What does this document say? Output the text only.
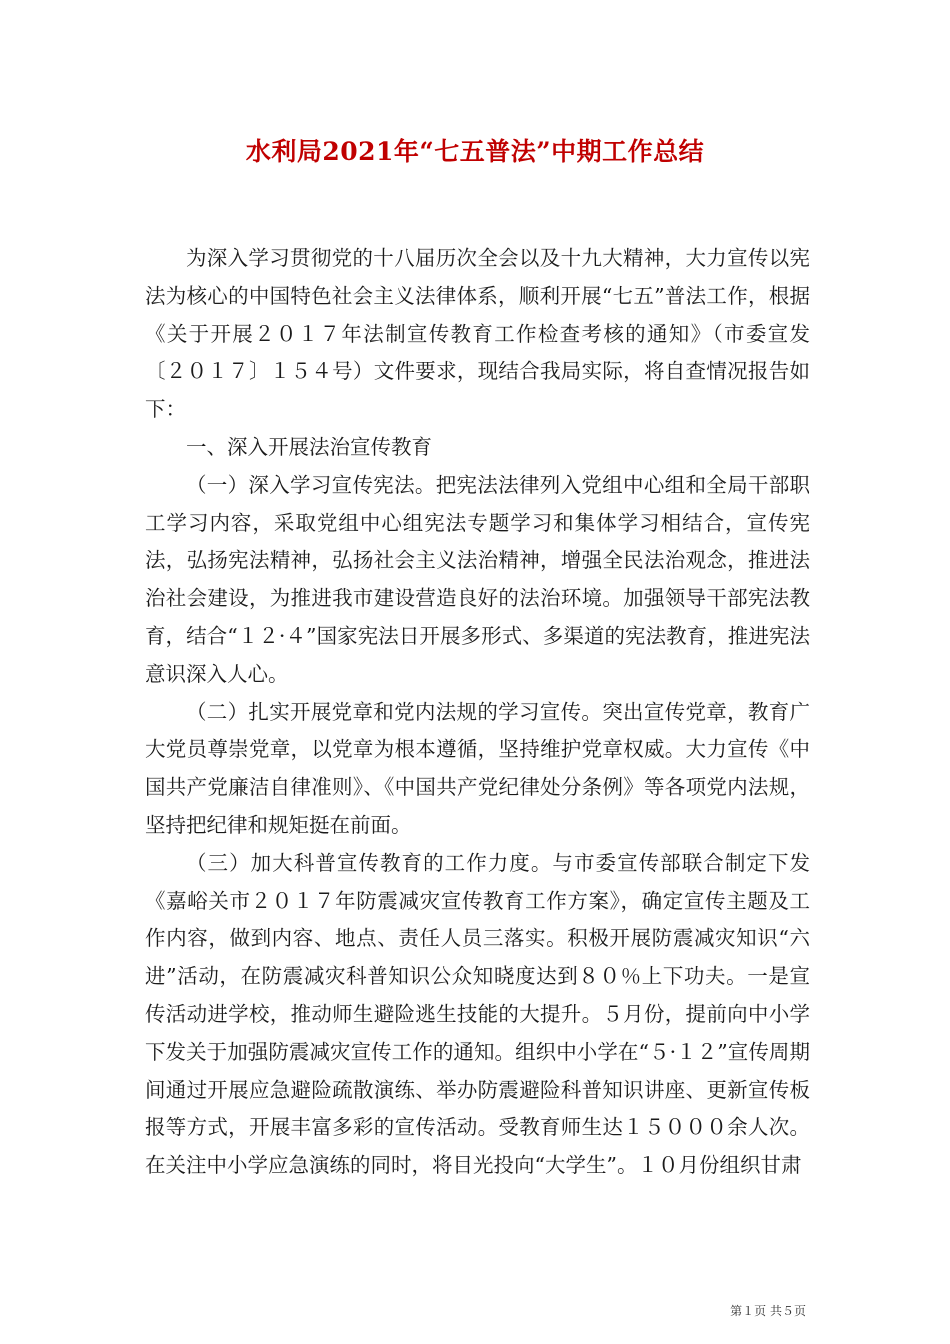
水利局2021年“七五普法”中期工作总结

为深入学习贯彻党的十八届历次全会以及十九大精神，大力宣传以宪法为核心的中国特色社会主义法律体系，顺利开展“七五”普法工作，根据《关于开展２０１７年法制宣传教育工作检查考核的通知》（市委宣发〔２０１７〕１５４号）文件要求，现结合我局实际，将自查情况报告如下：

一、深入开展法治宣传教育

（一）深入学习宣传宪法。把宪法法律列入党组中心组和全局干部职工学习内容，采取党组中心组宪法专题学习和集体学习相结合，宣传宪法，弘扬宪法精神，弘扬社会主义法治精神，增强全民法治观念，推进法治社会建设，为推进我市建设营造良好的法治环境。加强领导干部宪法教育，结合“１２·４”国家宪法日开展多形式、多渠道的宪法教育，推进宪法意识深入人心。

（二）扎实开展党章和党内法规的学习宣传。突出宣传党章，教育广大党员尊崇党章，以党章为根本遵循，坚持维护党章权威。大力宣传《中国共产党廉洁自律准则》、《中国共产党纪律处分条例》等各项党内法规，坚持把纪律和规矩挺在前面。

（三）加大科普宣传教育的工作力度。与市委宣传部联合制定下发《嘉峪关市２０１７年防震减灾宣传教育工作方案》，确定宣传主题及工作内容，做到内容、地点、责任人员三落实。积极开展防震减灾知识“六进”活动，在防震减灾科普知识公众知晓度达到８０％上下功夫。一是宣传活动进学校，推动师生避险逃生技能的大提升。５月份，提前向中小学下发关于加强防震减灾宣传工作的通知。组织中小学在“５·１２”宣传周期间通过开展应急避险疏散演练、举办防震避险科普知识讲座、更新宣传板报等方式，开展丰富多彩的宣传活动。受教育师生达１５０００余人次。在关注中小学应急演练的同时，将目光投向“大学生”。１０月份组织甘肃

第１页 共５页
